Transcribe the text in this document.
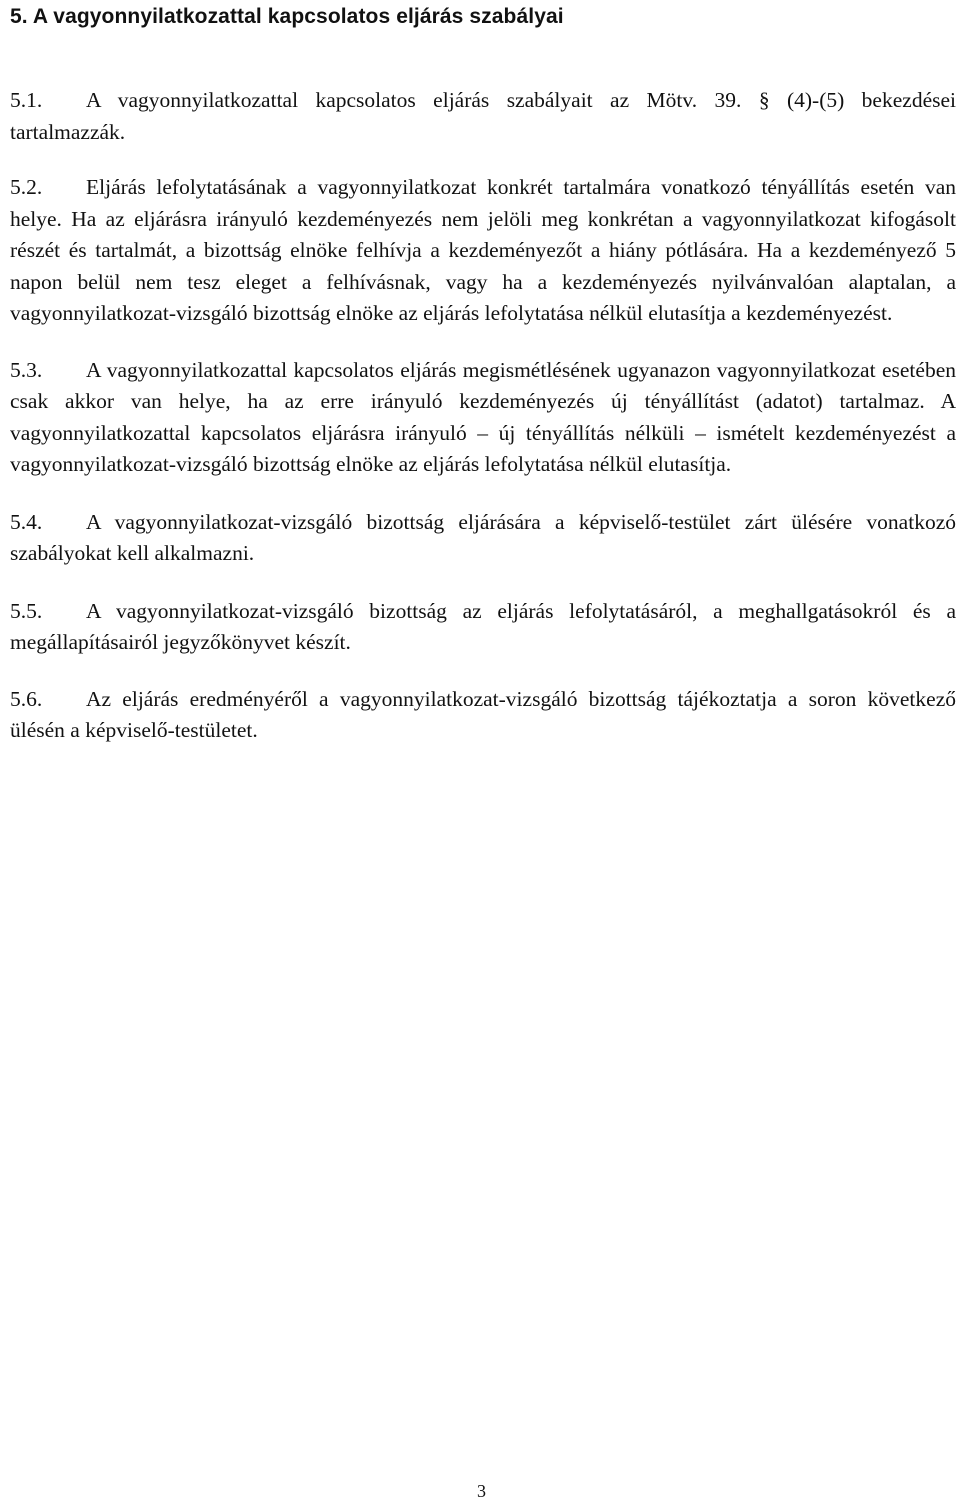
5. A vagyonnyilatkozattal kapcsolatos eljárás szabályai

5.1. A vagyonnyilatkozattal kapcsolatos eljárás szabályait az Mötv. 39. § (4)-(5) bekezdései tartalmazzák.

5.2. Eljárás lefolytatásának a vagyonnyilatkozat konkrét tartalmára vonatkozó tényállítás esetén van helye. Ha az eljárásra irányuló kezdeményezés nem jelöli meg konkrétan a vagyonnyilatkozat kifogásolt részét és tartalmát, a bizottság elnöke felhívja a kezdeményezőt a hiány pótlására. Ha a kezdeményező 5 napon belül nem tesz eleget a felhívásnak, vagy ha a kezdeményezés nyilvánvalóan alaptalan, a vagyonnyilatkozat-vizsgáló bizottság elnöke az eljárás lefolytatása nélkül elutasítja a kezdeményezést.

5.3. A vagyonnyilatkozattal kapcsolatos eljárás megismétlésének ugyanazon vagyonnyilatkozat esetében csak akkor van helye, ha az erre irányuló kezdeményezés új tényállítást (adatot) tartalmaz. A vagyonnyilatkozattal kapcsolatos eljárásra irányuló – új tényállítás nélküli – ismételt kezdeményezést a vagyonnyilatkozat-vizsgáló bizottság elnöke az eljárás lefolytatása nélkül elutasítja.

5.4. A vagyonnyilatkozat-vizsgáló bizottság eljárására a képviselő-testület zárt ülésére vonatkozó szabályokat kell alkalmazni.

5.5. A vagyonnyilatkozat-vizsgáló bizottság az eljárás lefolytatásáról, a meghallgatásokról és a megállapításairól jegyzőkönyvet készít.

5.6. Az eljárás eredményéről a vagyonnyilatkozat-vizsgáló bizottság tájékoztatja a soron következő ülésén a képviselő-testületet.

3
